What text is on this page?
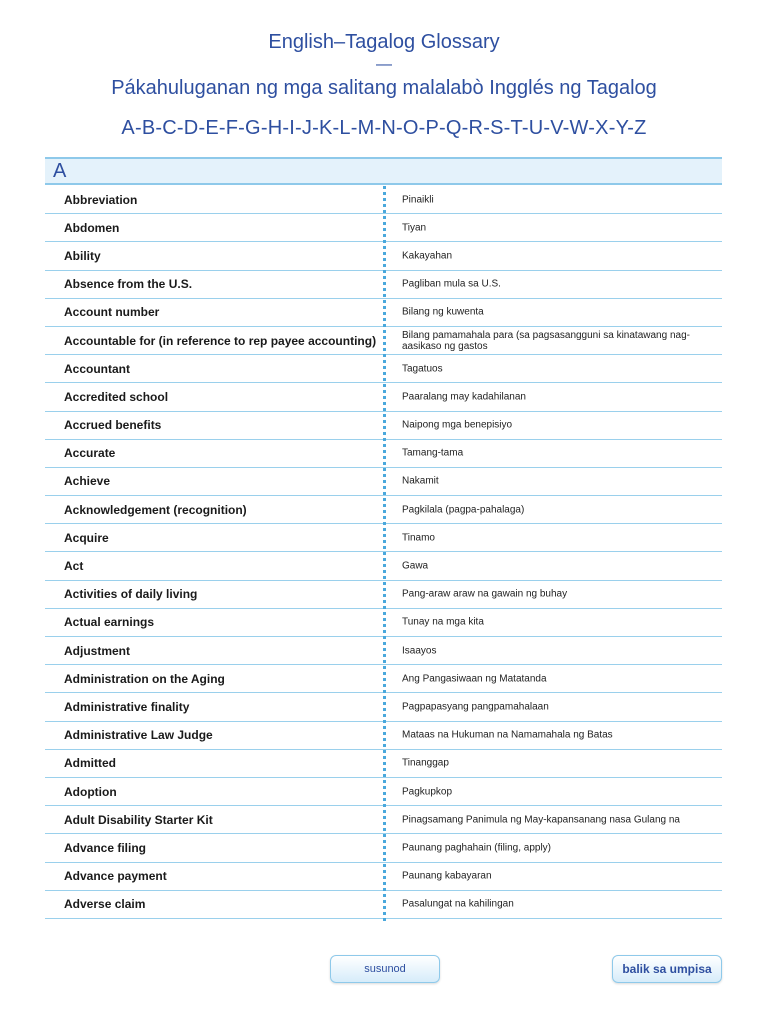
English–Tagalog Glossary
—
Pákahuluganan ng mga salitang malalabò Ingglés ng Tagalog
A-B-C-D-E-F-G-H-I-J-K-L-M-N-O-P-Q-R-S-T-U-V-W-X-Y-Z
A
Abbreviation	Pinaikli
Abdomen	Tiyan
Ability	Kakayahan
Absence from the U.S.	Pagliban mula sa U.S.
Account number	Bilang ng kuwenta
Accountable for (in reference to rep payee accounting)	Bilang pamamahala para (sa pagsasangguni sa kinatawang nag-aasikaso ng gastos
Accountant	Tagatuos
Accredited school	Paaralang may kadahilanan
Accrued benefits	Naipong mga benepisiyo
Accurate	Tamang-tama
Achieve	Nakamit
Acknowledgement (recognition)	Pagkilala (pagpa-pahalaga)
Acquire	Tinamo
Act	Gawa
Activities of daily living	Pang-araw araw na gawain ng buhay
Actual earnings	Tunay na mga kita
Adjustment	Isaayos
Administration on the Aging	Ang Pangasiwaan ng Matatanda
Administrative finality	Pagpapasyang pangpamahalaan
Administrative Law Judge	Mataas na Hukuman na Namamahala ng Batas
Admitted	Tinanggap
Adoption	Pagkupkop
Adult Disability Starter Kit	Pinagsamang Panimula ng May-kapansanang nasa Gulang na
Advance filing	Paunang paghahain (filing, apply)
Advance payment	Paunang kabayaran
Adverse claim	Pasalungat na kahilingan
susunod	balik sa umpisa
